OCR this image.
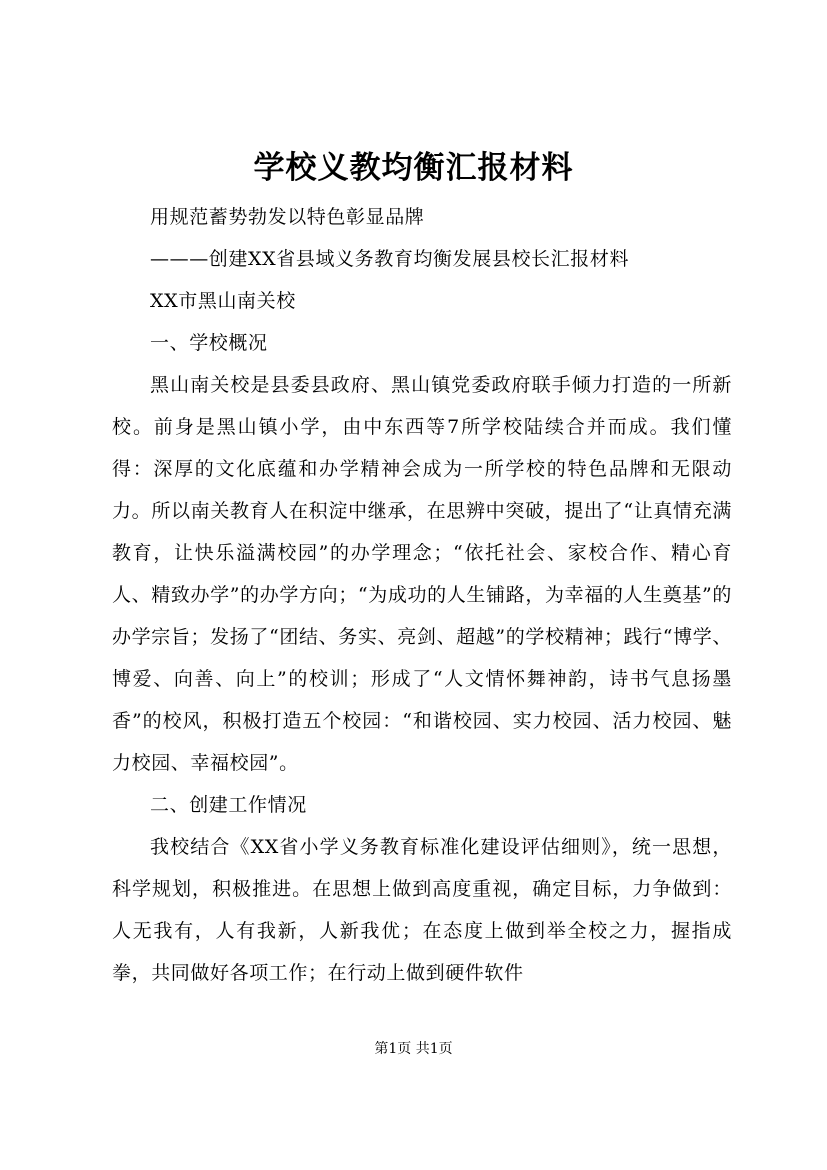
学校义教均衡汇报材料

用规范蓄势勃发以特色彰显品牌

———创建XX省县域义务教育均衡发展县校长汇报材料

XX市黑山南关校

一、学校概况

黑山南关校是县委县政府、黑山镇党委政府联手倾力打造的一所新校。前身是黑山镇小学，由中东西等7所学校陆续合并而成。我们懂得：深厚的文化底蕴和办学精神会成为一所学校的特色品牌和无限动力。所以南关教育人在积淀中继承，在思辨中突破，提出了“让真情充满教育，让快乐溢满校园”的办学理念；“依托社会、家校合作、精心育人、精致办学”的办学方向；“为成功的人生铺路，为幸福的人生奠基”的办学宗旨；发扬了“团结、务实、亮剑、超越”的学校精神；践行“博学、博爱、向善、向上”的校训；形成了“人文情怀舞神韵，诗书气息扬墨香”的校风，积极打造五个校园：“和谐校园、实力校园、活力校园、魅力校园、幸福校园”。

二、创建工作情况

我校结合《XX省小学义务教育标准化建设评估细则》，统一思想，科学规划，积极推进。在思想上做到高度重视，确定目标，力争做到：人无我有，人有我新，人新我优；在态度上做到举全校之力，握指成拳，共同做好各项工作；在行动上做到硬件软件

第1页 共1页
